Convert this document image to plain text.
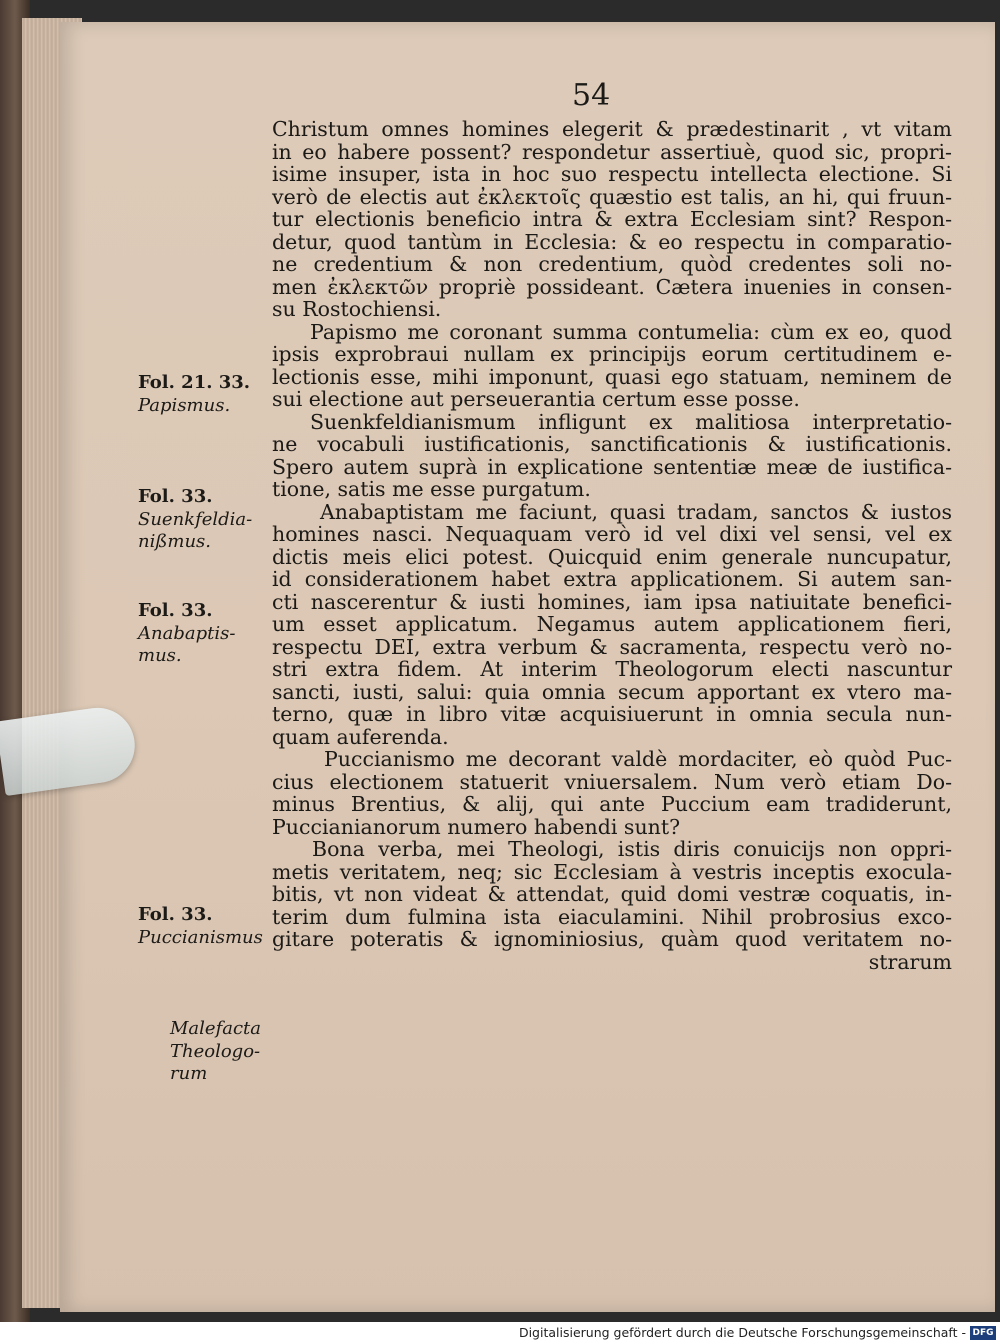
54
Christum omnes homines elegerit & prædestinarit , vt vitam
in eo habere possent? respondetur assertiuè, quod sic, propri-
isime insuper, ista in hoc suo respectu intellecta electione. Si
verò de electis aut ἐκλεκτοῖς quæstio est talis, an hi, qui fruun-
tur electionis beneficio intra & extra Ecclesiam sint? Respon-
detur, quod tantùm in Ecclesia: & eo respectu in comparatio-
ne credentium & non credentium, quòd credentes soli no-
men ἐκλεκτῶν propriè possideant. Cætera inuenies in consen-
su Rostochiensi.
Papismo me coronant summa contumelia: cùm ex eo, quod
ipsis exprobraui nullam ex principijs eorum certitudinem e-
lectionis esse, mihi imponunt, quasi ego statuam, neminem de
sui electione aut perseuerantia certum esse posse.
Suenkfeldianismum infligunt ex malitiosa interpretatio-
ne vocabuli iustificationis, sanctificationis & iustificationis.
Spero autem suprà in explicatione sententiæ meæ de iustifica-
tione, satis me esse purgatum.
Anabaptistam me faciunt, quasi tradam, sanctos & iustos
homines nasci. Nequaquam verò id vel dixi vel sensi, vel ex
dictis meis elici potest. Quicquid enim generale nuncupatur,
id considerationem habet extra applicationem. Si autem san-
cti nascerentur & iusti homines, iam ipsa natiuitate benefici-
um esset applicatum. Negamus autem applicationem fieri,
respectu DEI, extra verbum & sacramenta, respectu verò no-
stri extra fidem. At interim Theologorum electi nascuntur
sancti, iusti, salui: quia omnia secum apportant ex vtero ma-
terno, quæ in libro vitæ acquisiuerunt in omnia secula nun-
quam auferenda.
Puccianismo me decorant valdè mordaciter, eò quòd Puc-
cius electionem statuerit vniuersalem. Num verò etiam Do-
minus Brentius, & alij, qui ante Puccium eam tradiderunt,
Puccianianorum numero habendi sunt?
Bona verba, mei Theologi, istis diris conuicijs non oppri-
metis veritatem, neq; sic Ecclesiam à vestris inceptis exocula-
bitis, vt non videat & attendat, quid domi vestræ coquatis, in-
terim dum fulmina ista eiaculamini. Nihil probrosius exco-
gitare poteratis & ignominiosius, quàm quod veritatem no-
strarum
Fol. 21. 33.
Papismus.
Fol. 33.
Suenkfeldia-
nißmus.
Fol. 33.
Anabaptis-
mus.
Fol. 33.
Puccianismus
Malefacta
Theologo-
rum
Digitalisierung gefördert durch die Deutsche Forschungsgemeinschaft - DFG
